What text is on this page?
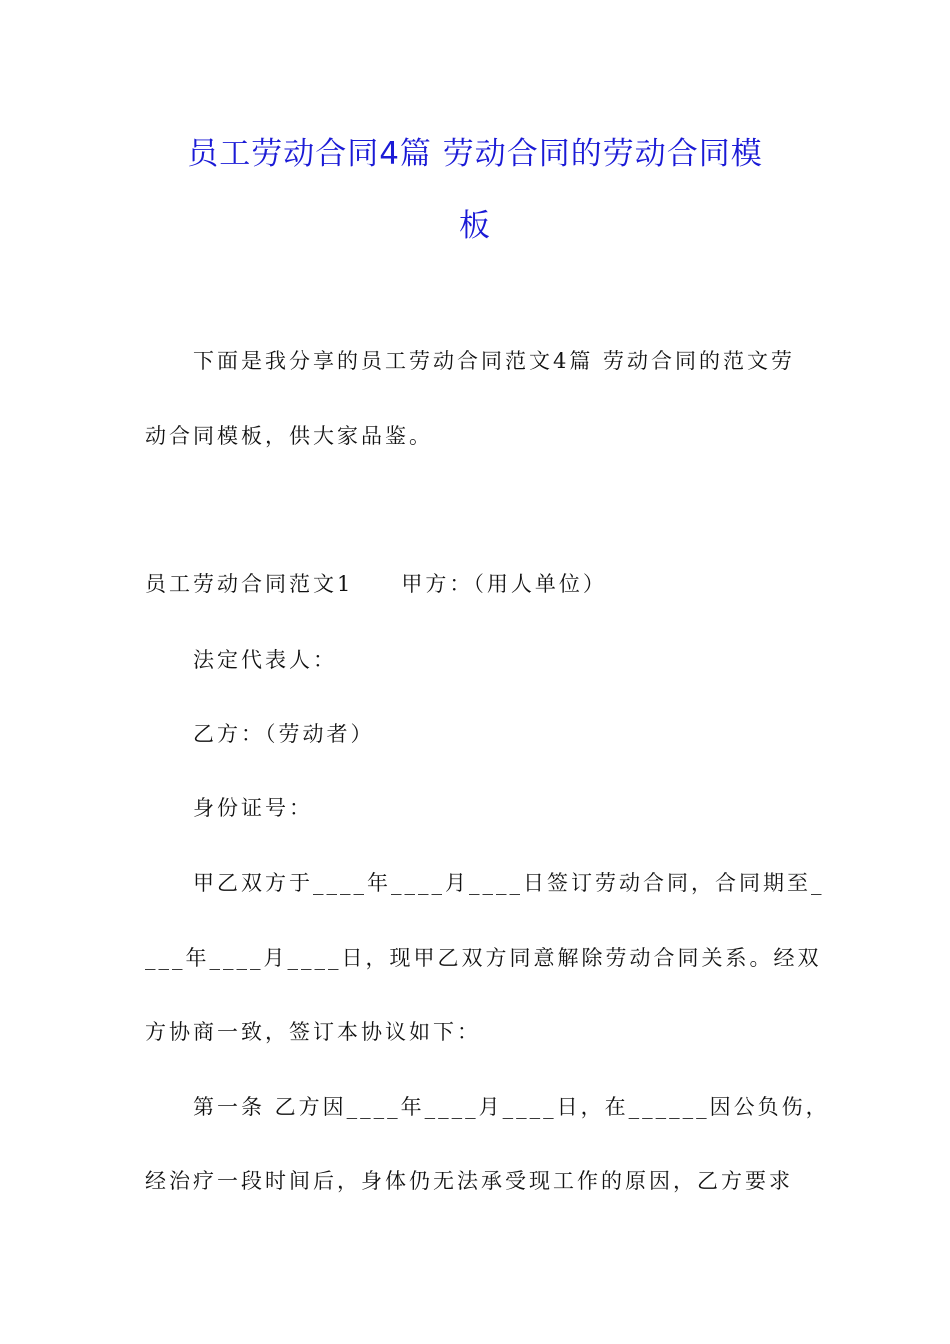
员工劳动合同4篇 劳动合同的劳动合同模
板

下面是我分享的员工劳动合同范文4篇 劳动合同的范文劳

动合同模板，供大家品鉴。

员工劳动合同范文1　　甲方：（用人单位）

法定代表人：

乙方：（劳动者）

身份证号：

甲乙双方于____年____月____日签订劳动合同，合同期至_

___年____月____日，现甲乙双方同意解除劳动合同关系。经双

方协商一致，签订本协议如下：

第一条 乙方因____年____月____日，在______因公负伤，

经治疗一段时间后，身体仍无法承受现工作的原因，乙方要求
